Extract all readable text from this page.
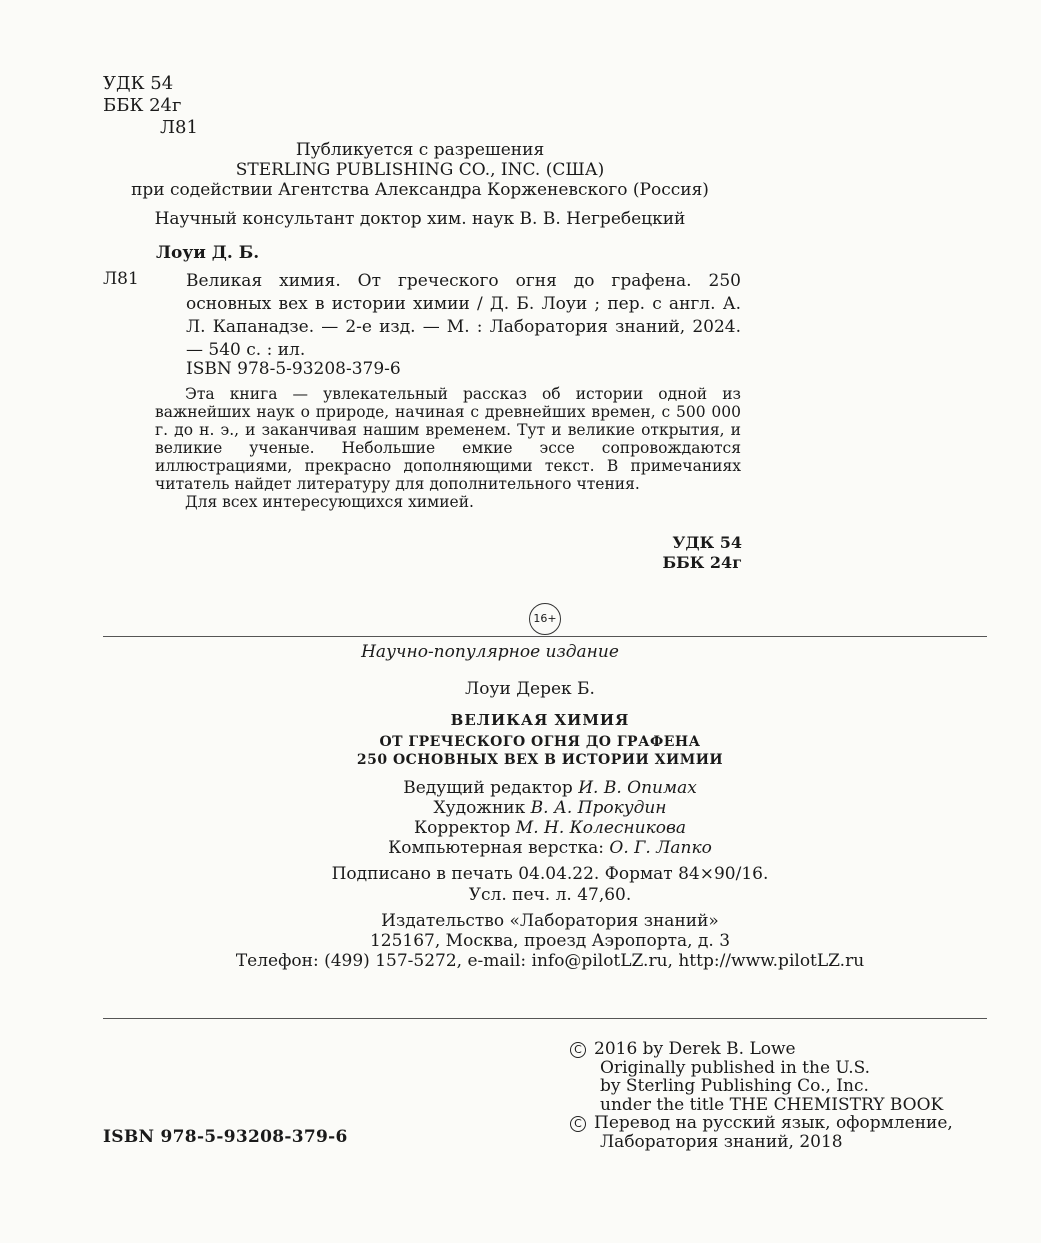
УДК 54
ББК 24г
Л81
Публикуется с разрешения
STERLING PUBLISHING CO., INC. (США)
при содействии Агентства Александра Корженевского (Россия)
Научный консультант доктор хим. наук В. В. Негребецкий
Лоуи Д. Б.
Л81	Великая химия. От греческого огня до графена. 250 основных вех в истории химии / Д. Б. Лоуи ; пер. с англ. А. Л. Капанадзе. — 2-е изд. — М. : Лаборатория знаний, 2024. — 540 с. : ил.
ISBN 978-5-93208-379-6

Эта книга — увлекательный рассказ об истории одной из важнейших наук о природе, начиная с древнейших времен, с 500 000 г. до н. э., и заканчивая нашим временем. Тут и великие открытия, и великие ученые. Небольшие емкие эссе сопровождаются иллюстрациями, прекрасно дополняющими текст. В примечаниях читатель найдет литературу для дополнительного чтения.

Для всех интересующихся химией.

УДК 54
ББК 24г
16+
Научно-популярное издание
Лоуи Дерек Б.
ВЕЛИКАЯ ХИМИЯ
ОТ ГРЕЧЕСКОГО ОГНЯ ДО ГРАФЕНА
250 ОСНОВНЫХ ВЕХ В ИСТОРИИ ХИМИИ
Ведущий редактор И. В. Опимах
Художник В. А. Прокудин
Корректор М. Н. Колесникова
Компьютерная верстка: О. Г. Лапко
Подписано в печать 04.04.22. Формат 84×90/16.
Усл. печ. л. 47,60.
Издательство «Лаборатория знаний»
125167, Москва, проезд Аэропорта, д. 3
Телефон: (499) 157-5272, e-mail: info@pilotLZ.ru, http://www.pilotLZ.ru
C 2016 by Derek B. Lowe
Originally published in the U.S.
by Sterling Publishing Co., Inc.
under the title THE CHEMISTRY BOOK
C Перевод на русский язык, оформление,
Лаборатория знаний, 2018
ISBN 978-5-93208-379-6
